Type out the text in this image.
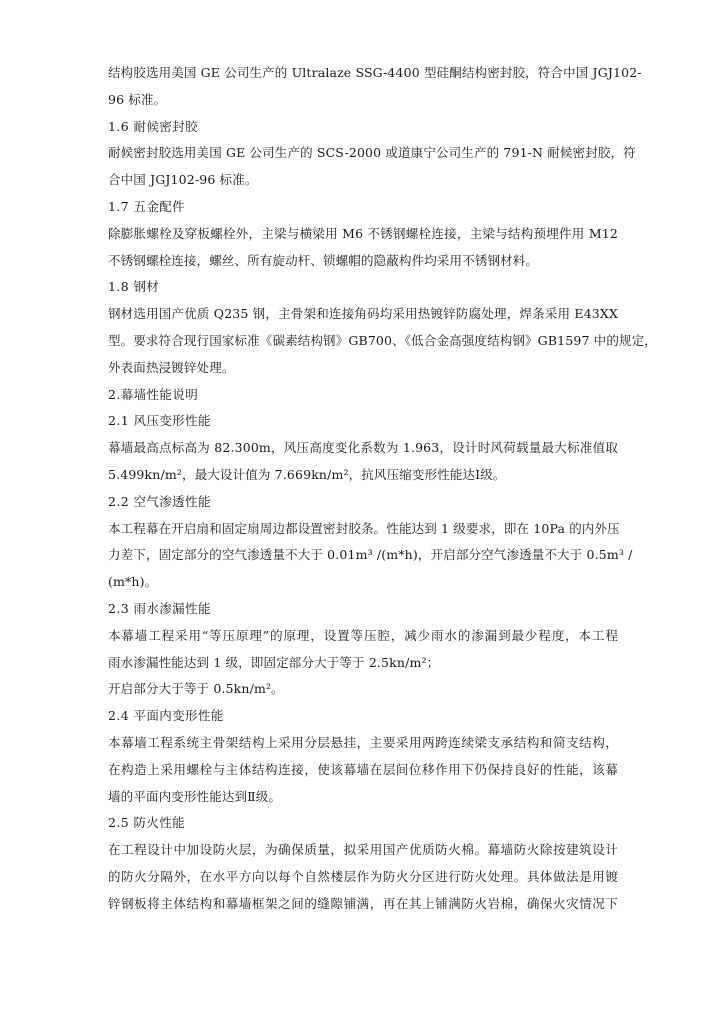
结构胶选用美国 GE 公司生产的 Ultralaze SSG-4400 型硅酮结构密封胶，符合中国 JGJ102-
96 标准。
1.6 耐候密封胶
耐候密封胶选用美国 GE 公司生产的 SCS-2000 或道康宁公司生产的 791-N 耐候密封胶，符
合中国 JGJ102-96 标准。
1.7 五金配件
除膨胀螺栓及穿板螺栓外，主梁与横梁用 M6 不锈钢螺栓连接，主梁与结构预埋件用 M12
不锈钢螺栓连接，螺丝、所有旋动杆、锁螺帽的隐蔽构件均采用不锈钢材料。
1.8 钢材
钢材选用国产优质 Q235 钢，主骨架和连接角码均采用热镀锌防腐处理，焊条采用 E43XX
型。要求符合现行国家标准《碳素结构钢》GB700、《低合金高强度结构钢》GB1597 中的规定，
外表面热浸镀锌处理。
2.幕墙性能说明
2.1 风压变形性能
幕墙最高点标高为 82.300m，风压高度变化系数为 1.963，设计时风荷载量最大标准值取
5.499kn/m²，最大设计值为 7.669kn/m²，抗风压缩变形性能达Ⅰ级。
2.2 空气渗透性能
本工程幕在开启扇和固定扇周边都设置密封胶条。性能达到 1 级要求，即在 10Pa 的内外压
力差下，固定部分的空气渗透量不大于 0.01m³ /(m*h)，开启部分空气渗透量不大于 0.5m³ /
(m*h)。
2.3 雨水渗漏性能
本幕墙工程采用“等压原理”的原理，设置等压腔，减少雨水的渗漏到最少程度，本工程
雨水渗漏性能达到 1 级，即固定部分大于等于 2.5kn/m²；
开启部分大于等于 0.5kn/m²。
2.4 平面内变形性能
本幕墙工程系统主骨架结构上采用分层悬挂，主要采用两跨连续梁支承结构和简支结构，
在构造上采用螺栓与主体结构连接，使该幕墙在层间位移作用下仍保持良好的性能，该幕
墙的平面内变形性能达到Ⅱ级。
2.5 防火性能
在工程设计中加设防火层，为确保质量，拟采用国产优质防火棉。幕墙防火除按建筑设计
的防火分隔外，在水平方向以每个自然楼层作为防火分区进行防火处理。具体做法是用镀
锌钢板将主体结构和幕墙框架之间的缝隙铺满，再在其上铺满防火岩棉，确保火灾情况下
